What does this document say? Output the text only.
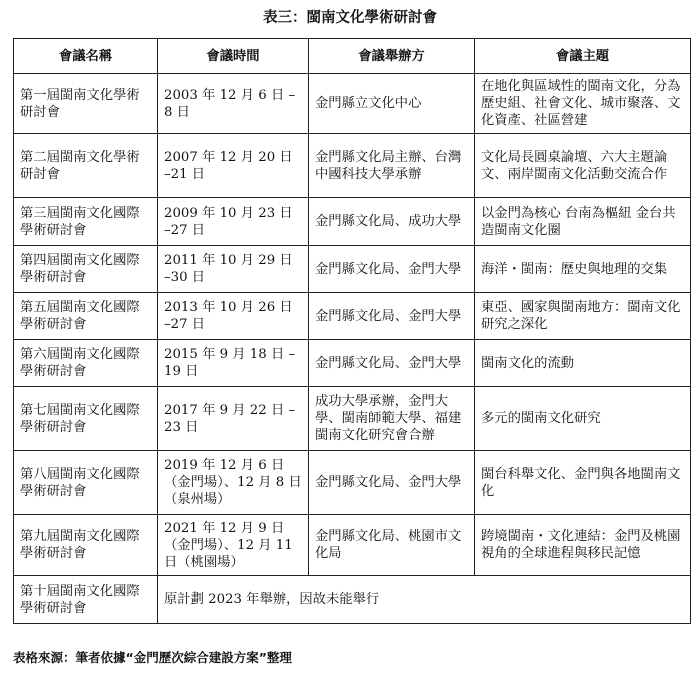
表三：閩南文化學術研討會
會議名稱	會議時間	會議舉辦方	會議主題
第一屆閩南文化學術研討會	2003 年 12 月 6 日 –8 日	金門縣立文化中心	在地化與區域性的閩南文化，分為歷史組、社會文化、城市聚落、文化資產、社區營建
第二屆閩南文化學術研討會	2007 年 12 月 20 日 –21 日	金門縣文化局主辦、台灣中國科技大學承辦	文化局長圓桌論壇、六大主題論文、兩岸閩南文化活動交流合作
第三屆閩南文化國際學術研討會	2009 年 10 月 23 日 –27 日	金門縣文化局、成功大學	以金門為核心 台南為樞紐 金台共造閩南文化圈
第四屆閩南文化國際學術研討會	2011 年 10 月 29 日 –30 日	金門縣文化局、金門大學	海洋・閩南：歷史與地理的交集
第五屆閩南文化國際學術研討會	2013 年 10 月 26 日 –27 日	金門縣文化局、金門大學	東亞、國家與閩南地方：閩南文化研究之深化
第六屆閩南文化國際學術研討會	2015 年 9 月 18 日 –19 日	金門縣文化局、金門大學	閩南文化的流動
第七屆閩南文化國際學術研討會	2017 年 9 月 22 日 –23 日	成功大學承辦，金門大學、閩南師範大學、福建閩南文化研究會合辦	多元的閩南文化研究
第八屆閩南文化國際學術研討會	2019 年 12 月 6 日（金門場）、12 月 8 日（泉州場）	金門縣文化局、金門大學	閩台科舉文化、金門與各地閩南文化
第九屆閩南文化國際學術研討會	2021 年 12 月 9 日（金門場）、12 月 11 日（桃園場）	金門縣文化局、桃園市文化局	跨境閩南・文化連結：金門及桃園視角的全球進程與移民記憶
第十屆閩南文化國際學術研討會	原計劃 2023 年舉辦，因故未能舉行		
表格來源：筆者依據“金門歷次綜合建設方案”整理
